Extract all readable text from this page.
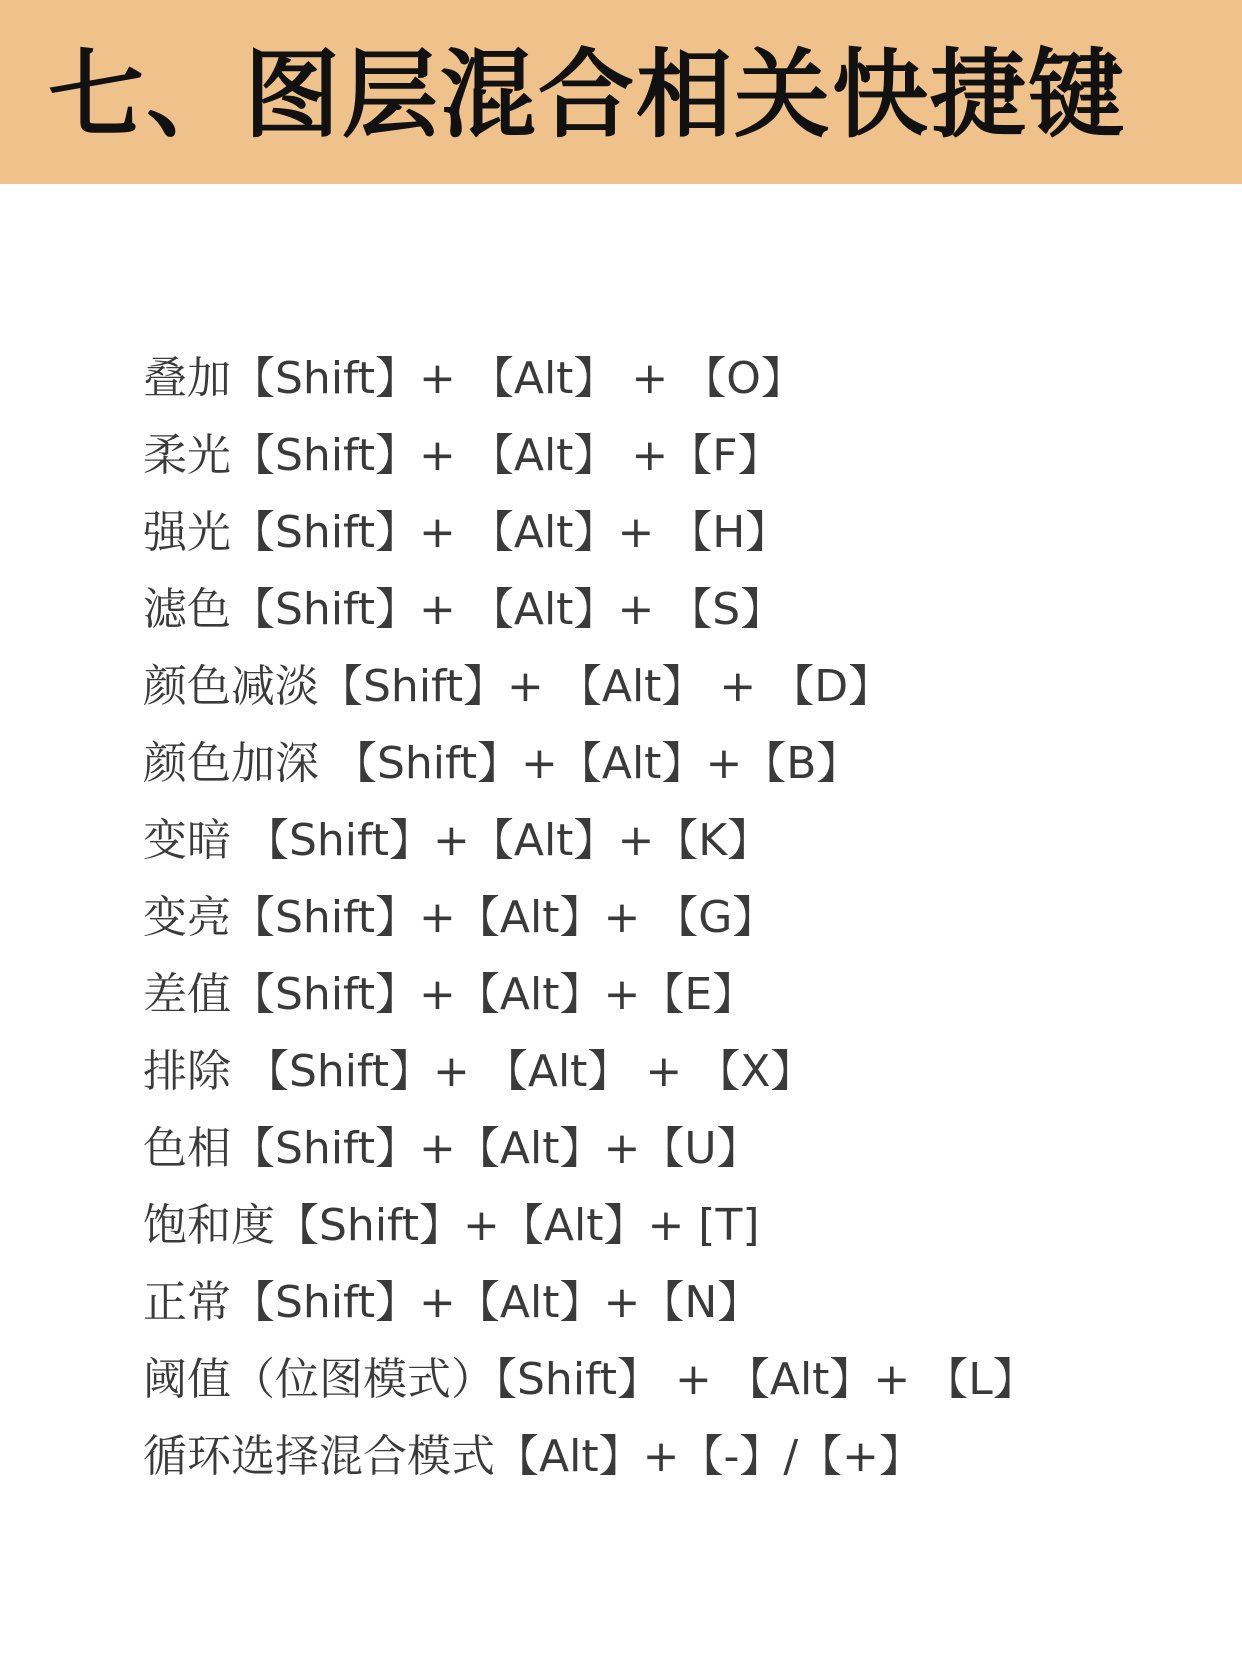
七、图层混合相关快捷键
叠加【Shift】+ 【Alt】 + 【O】
柔光【Shift】+ 【Alt】 +【F】
强光【Shift】+ 【Alt】+ 【H】
滤色【Shift】+ 【Alt】+ 【S】
颜色减淡【Shift】+ 【Alt】 + 【D】
颜色加深 【Shift】+【Alt】+【B】
变暗 【Shift】+【Alt】+【K】
变亮【Shift】+【Alt】+ 【G】
差值【Shift】+【Alt】+【E】
排除 【Shift】+ 【Alt】 + 【X】
色相【Shift】+【Alt】+【U】
饱和度【Shift】+【Alt】+ [T]
正常【Shift】+【Alt】+【N】
阈值（位图模式）【Shift】 + 【Alt】+ 【L】
循环选择混合模式【Alt】+【-】/【+】
